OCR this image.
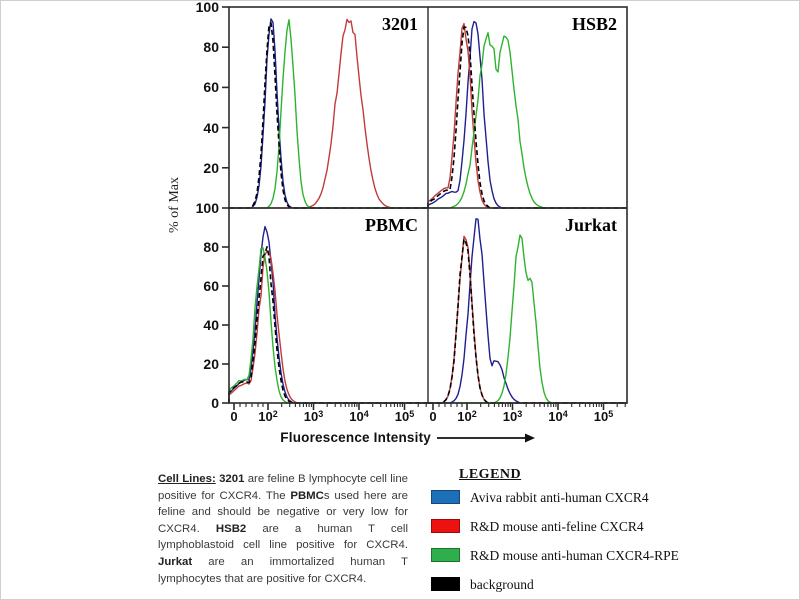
100
80
60
40
20
100
80
60
40
20
0
0	$10^2$	$10^3$	$10^4$	$10^5$	0	$10^2$	$10^3$	$10^4$	$10^5$
3201	HSB2
PBMC	Jurkat
% of Max
Fluorescence Intensity
Cell Lines: 3201 are feline B lymphocyte cell line positive for CXCR4. The PBMCs used here are feline and should be negative or very low for CXCR4. HSB2 are a human T cell lymphoblastoid cell line positive for CXCR4. Jurkat are an immortalized human T lymphocytes that are positive for CXCR4.
LEGEND
Aviva rabbit anti-human CXCR4
R&D mouse anti-feline CXCR4
R&D mouse anti-human CXCR4-RPE
background
